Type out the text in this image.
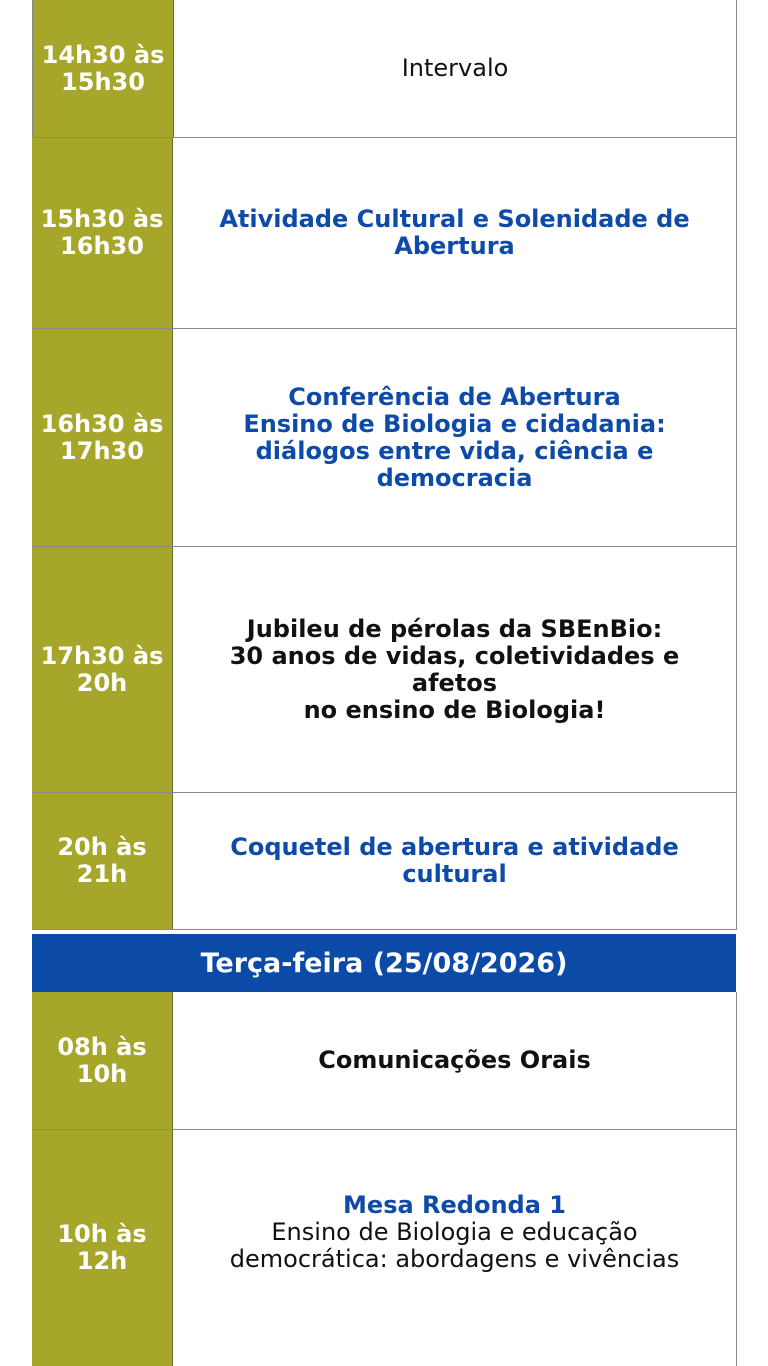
14h30 às
15h30	Intervalo
15h30 às
16h30
Atividade Cultural e Solenidade de
Abertura
16h30 às
17h30
Conferência de Abertura
Ensino de Biologia e cidadania:
diálogos entre vida, ciência e
democracia
17h30 às
20h
Jubileu de pérolas da SBEnBio:
30 anos de vidas, coletividades e
afetos
no ensino de Biologia!
20h às
21h
Coquetel de abertura e atividade
cultural
Terça-feira (25/08/2026)
08h às
10h	Comunicações Orais
10h às
12h
Mesa Redonda 1
Ensino de Biologia e educação
democrática: abordagens e vivências
